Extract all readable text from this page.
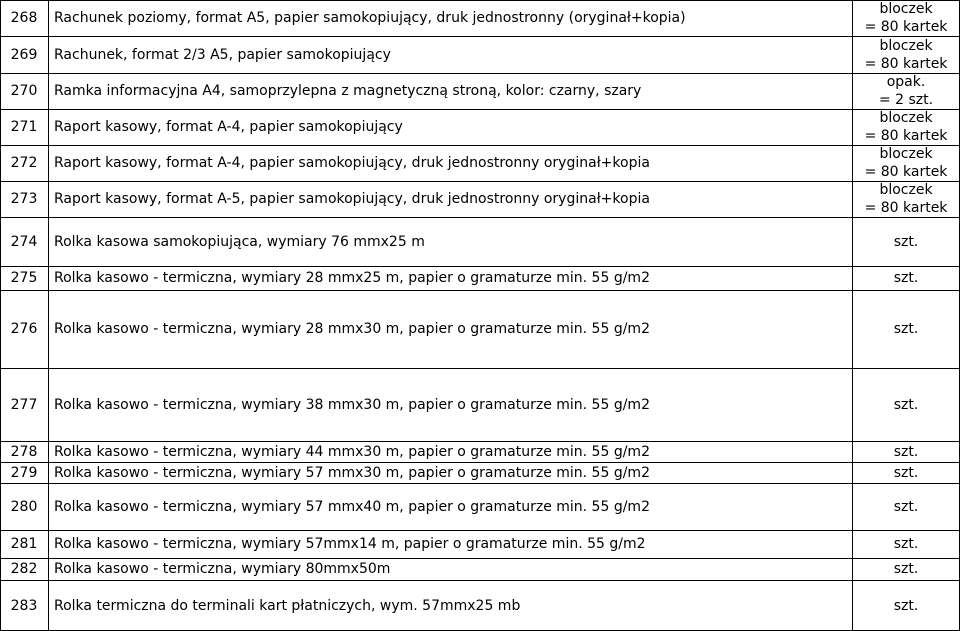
268	Rachunek poziomy, format A5, papier samokopiujący, druk jednostronny (oryginał+kopia)
bloczek
= 80 kartek
269	Rachunek, format 2/3 A5, papier samokopiujący
bloczek
= 80 kartek
270	Ramka informacyjna A4, samoprzylepna z magnetyczną stroną, kolor: czarny, szary
opak.
= 2 szt.
271	Raport kasowy, format A-4, papier samokopiujący
bloczek
= 80 kartek
272	Raport kasowy, format A-4, papier samokopiujący, druk jednostronny oryginał+kopia
bloczek
= 80 kartek
273	Raport kasowy, format A-5, papier samokopiujący, druk jednostronny oryginał+kopia
bloczek
= 80 kartek
274	Rolka kasowa samokopiująca, wymiary 76 mmx25 m	szt.
275	Rolka kasowo - termiczna, wymiary 28 mmx25 m, papier o gramaturze min. 55 g/m2	szt.
276	Rolka kasowo - termiczna, wymiary 28 mmx30 m, papier o gramaturze min. 55 g/m2	szt.
277	Rolka kasowo - termiczna, wymiary 38 mmx30 m, papier o gramaturze min. 55 g/m2	szt.
278	Rolka kasowo - termiczna, wymiary 44 mmx30 m, papier o gramaturze min. 55 g/m2	szt.
279	Rolka kasowo - termiczna, wymiary 57 mmx30 m, papier o gramaturze min. 55 g/m2	szt.
280	Rolka kasowo - termiczna, wymiary 57 mmx40 m, papier o gramaturze min. 55 g/m2	szt.
281	Rolka kasowo - termiczna, wymiary 57mmx14 m, papier o gramaturze min. 55 g/m2	szt.
282	Rolka kasowo - termiczna, wymiary 80mmx50m	szt.
283	Rolka termiczna do terminali kart płatniczych, wym. 57mmx25 mb	szt.
